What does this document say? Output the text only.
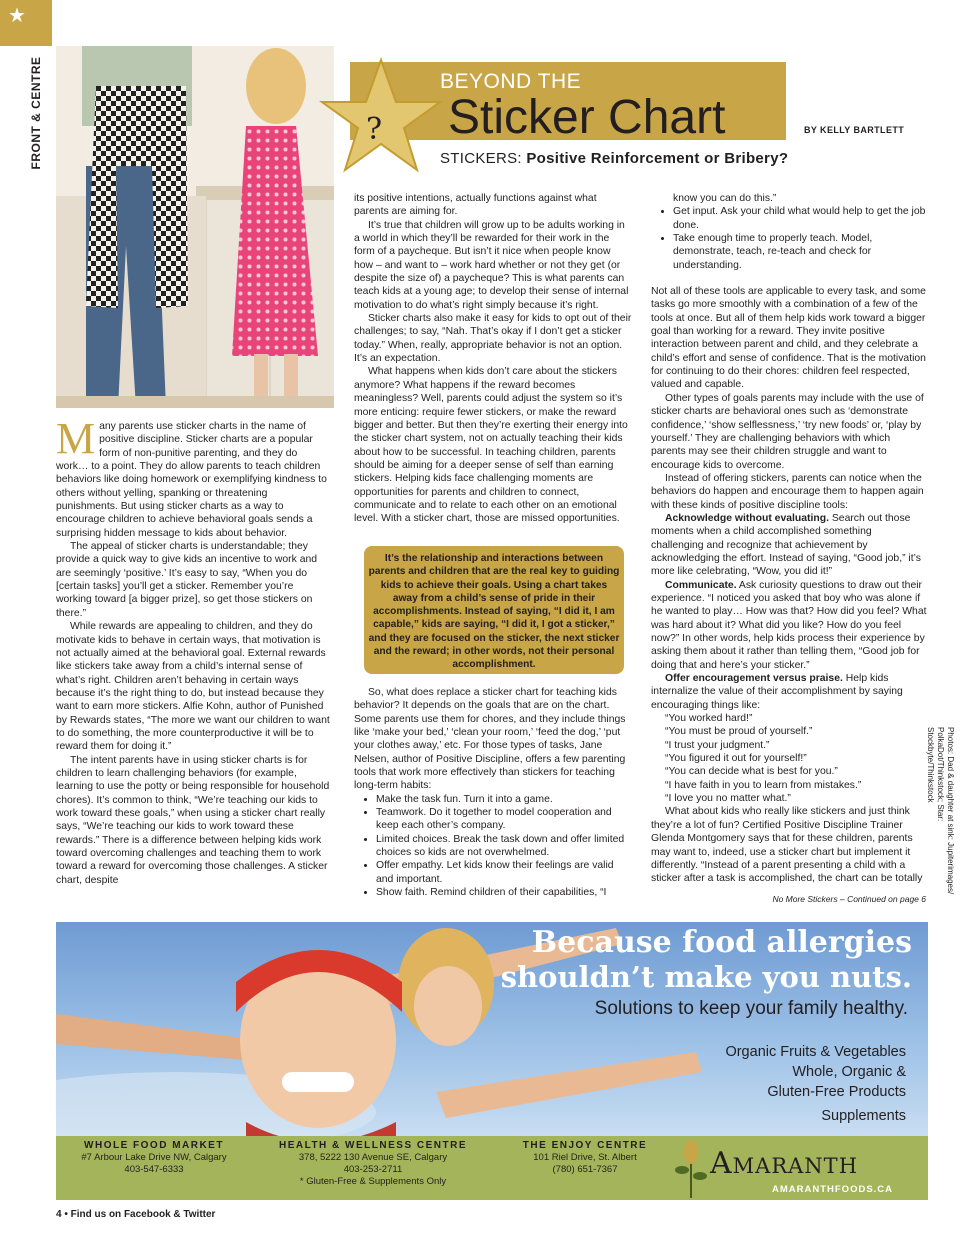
★
FRONT & CENTRE	?
BEYOND THE
Sticker Chart	BY KELLY BARTLETT
STICKERS: Positive Reinforcement or Bribery?

Many parents use sticker charts in the name of positive discipline. Sticker charts are a popular form of non-punitive parenting, and they do work… to a point. They do allow parents to teach children behaviors like doing homework or exemplifying kindness to others without yelling, spanking or threatening punishments. But using sticker charts as a way to encourage children to achieve behavioral goals sends a surprising hidden message to kids about behavior.

The appeal of sticker charts is understandable; they provide a quick way to give kids an incentive to work and are seemingly ‘positive.’ It’s easy to say, “When you do [certain tasks] you’ll get a sticker. Remember you’re working toward [a bigger prize], so get those stickers on there.”

While rewards are appealing to children, and they do motivate kids to behave in certain ways, that motivation is not actually aimed at the behavioral goal. External rewards like stickers take away from a child’s internal sense of what’s right. Children aren’t behaving in certain ways because it’s the right thing to do, but instead because they want to earn more stickers. Alfie Kohn, author of Punished by Rewards states, “The more we want our children to want to do something, the more counterproductive it will be to reward them for doing it.”

The intent parents have in using sticker charts is for children to learn challenging behaviors (for example, learning to use the potty or being responsible for household chores). It’s common to think, “We’re teaching our kids to work toward these goals,” when using a sticker chart really says, “We’re teaching our kids to work toward these rewards.” There is a difference between helping kids work toward overcoming challenges and teaching them to work toward a reward for overcoming those challenges. A sticker chart, despite

its positive intentions, actually functions against what parents are aiming for.

It’s true that children will grow up to be adults working in a world in which they’ll be rewarded for their work in the form of a paycheque. But isn’t it nice when people know how – and want to – work hard whether or not they get (or despite the size of) a paycheque? This is what parents can teach kids at a young age; to develop their sense of internal motivation to do what’s right simply because it’s right.

Sticker charts also make it easy for kids to opt out of their challenges; to say, “Nah. That’s okay if I don’t get a sticker today.” When, really, appropriate behavior is not an option. It’s an expectation.

What happens when kids don’t care about the stickers anymore? What happens if the reward becomes meaningless? Well, parents could adjust the system so it’s more enticing: require fewer stickers, or make the reward bigger and better. But then they’re exerting their energy into the sticker chart system, not on actually teaching their kids about how to be successful. In teaching children, parents should be aiming for a deeper sense of self than earning stickers. Helping kids face challenging moments are opportunities for parents and children to connect, communicate and to relate to each other on an emotional level. With a sticker chart, those are missed opportunities.

It’s the relationship and interactions between parents and children that are the real key to guiding kids to achieve their goals. Using a chart takes away from a child’s sense of pride in their accomplishments. Instead of saying, “I did it, I am capable,” kids are saying, “I did it, I got a sticker,” and they are focused on the sticker, the next sticker and the reward; in other words, not their personal accomplishment.

So, what does replace a sticker chart for teaching kids behavior? It depends on the goals that are on the chart. Some parents use them for chores, and they include things like ‘make your bed,’ ‘clean your room,’ ‘feed the dog,’ ‘put your clothes away,’ etc. For those types of tasks, Jane Nelsen, author of Positive Discipline, offers a few parenting tools that work more effectively than stickers for teaching long-term habits:

• Make the task fun. Turn it into a game.
• Teamwork. Do it together to model cooperation and keep each other’s company.
• Limited choices. Break the task down and offer limited choices so kids are not overwhelmed.
• Offer empathy. Let kids know their feelings are valid and important.
• Show faith. Remind children of their capabilities, “I

know you can do this.”

• Get input. Ask your child what would help to get the job done.
• Take enough time to properly teach. Model, demonstrate, teach, re-teach and check for understanding.

Not all of these tools are applicable to every task, and some tasks go more smoothly with a combination of a few of the tools at once. But all of them help kids work toward a bigger goal than working for a reward. They invite positive interaction between parent and child, and they celebrate a child’s effort and sense of confidence. That is the motivation for continuing to do their chores: children feel respected, valued and capable.

Other types of goals parents may include with the use of sticker charts are behavioral ones such as ‘demonstrate confidence,’ ‘show selflessness,’ ‘try new foods’ or, ‘play by yourself.’ They are challenging behaviors with which parents may see their children struggle and want to encourage kids to overcome.

Instead of offering stickers, parents can notice when the behaviors do happen and encourage them to happen again with these kinds of positive discipline tools:

Acknowledge without evaluating. Search out those moments when a child accomplished something challenging and recognize that achievement by acknowledging the effort. Instead of saying, “Good job,” it’s more like celebrating, “Wow, you did it!”

Communicate. Ask curiosity questions to draw out their experience. “I noticed you asked that boy who was alone if he wanted to play… How was that? How did you feel? What was hard about it? What did you like? How do you feel now?” In other words, help kids process their experience by asking them about it rather than telling them, “Good job for doing that and here’s your sticker.”

Offer encouragement versus praise. Help kids internalize the value of their accomplishment by saying encouraging things like:

“You worked hard!”

“You must be proud of yourself.”

“I trust your judgment.”

“You figured it out for yourself!”

“You can decide what is best for you.”

“I have faith in you to learn from mistakes.”

“I love you no matter what.”

What about kids who really like stickers and just think they’re a lot of fun? Certified Positive Discipline Trainer Glenda Montgomery says that for these children, parents may want to, indeed, use a sticker chart but implement it differently. “Instead of a parent presenting a child with a sticker after a task is accomplished, the chart can be totally	Photos: Dad & daughter at sink: Jupiterimages/ PolkaDot/Thinkstock; Star: Stockbyte/Thinkstock
No More Stickers – Continued on page 6
Because food allergies
shouldn’t make you nuts.
Solutions to keep your family healthy.
Organic Fruits & Vegetables
Whole, Organic &
Gluten-Free Products
Supplements
WHOLE FOOD MARKET
#7 Arbour Lake Drive NW, Calgary
403-547-6333
HEALTH & WELLNESS CENTRE
378, 5222 130 Avenue SE, Calgary
403-253-2711
* Gluten-Free & Supplements Only
THE ENJOY CENTRE
101 Riel Drive, St. Albert
(780) 651-7367	Amaranth
AMARANTHFOODS.CA
4 • Find us on Facebook & Twitter
